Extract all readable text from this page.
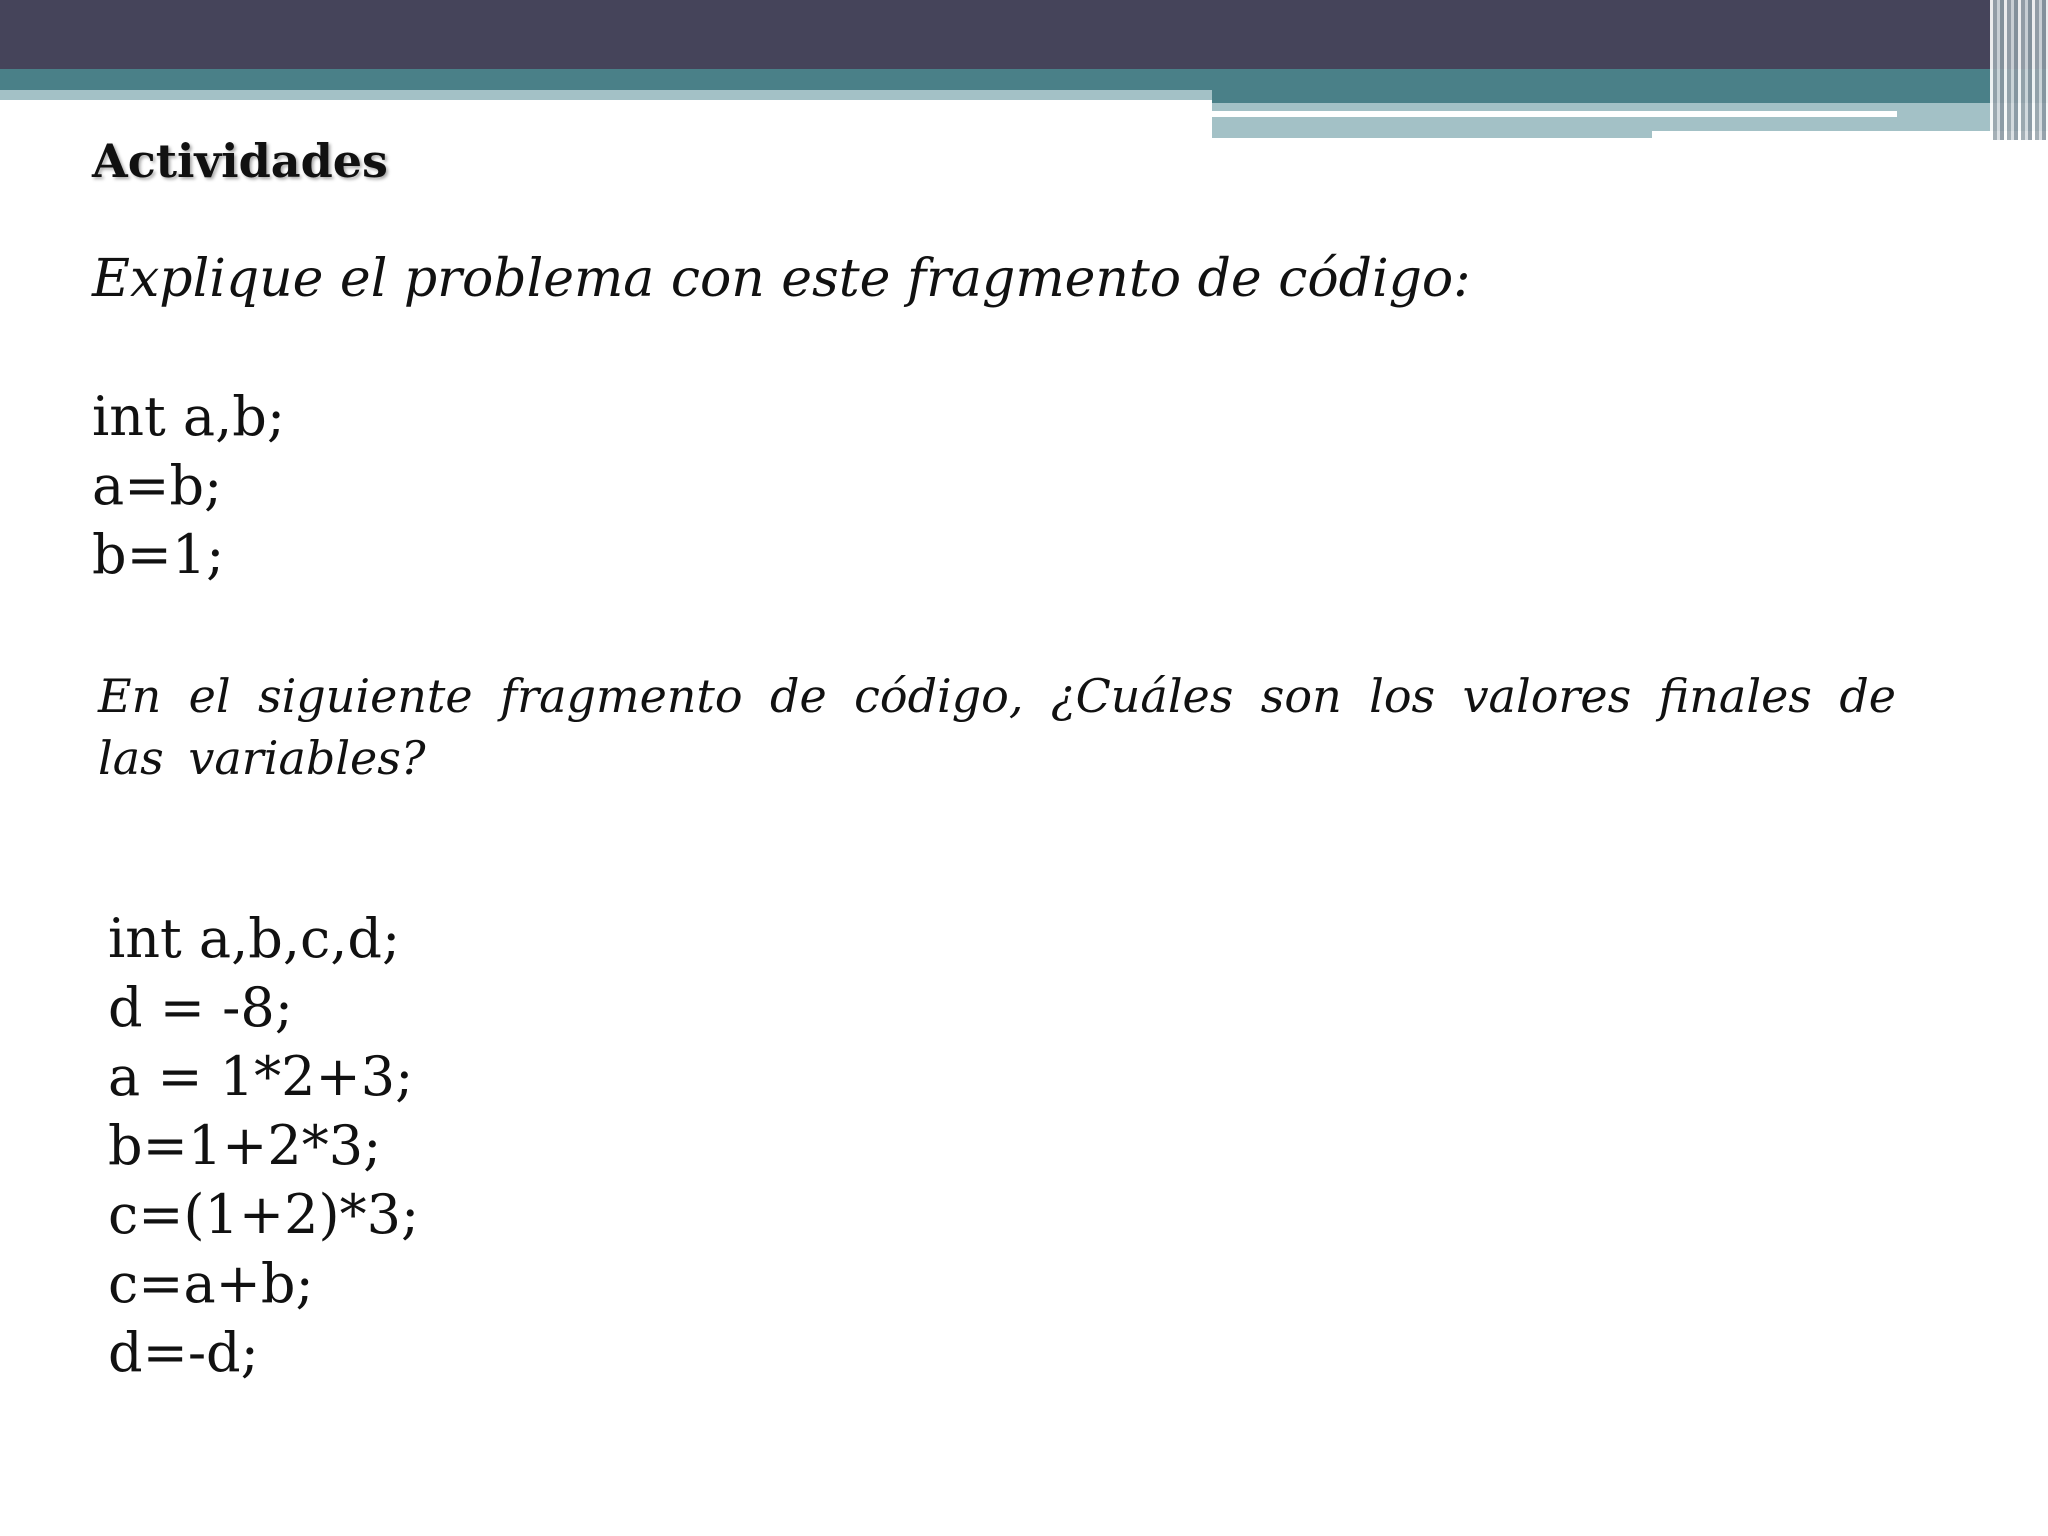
Actividades
Explique el problema con este fragmento de código:
int a,b;
a=b;
b=1;
En el siguiente fragmento de código, ¿Cuáles son los valores finales de las variables?
int a,b,c,d;
d = -8;
a = 1*2+3;
b=1+2*3;
c=(1+2)*3;
c=a+b;
d=-d;
